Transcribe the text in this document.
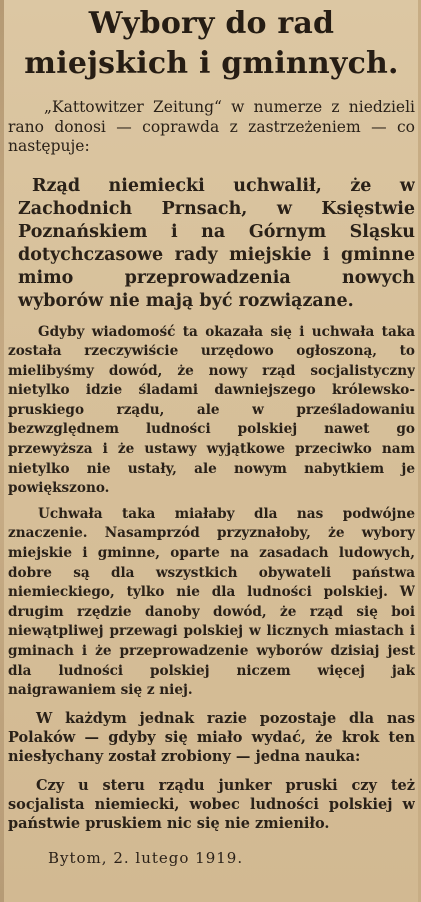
Wybory do rad miejskich i gminnych.

„Kattowitzer Zeitung“ w numerze z niedzieli rano donosi — coprawda z zastrzeżeniem — co następuje:

Rząd niemiecki uchwalił, że w Zachodnich Prnsach, w Księstwie Poznańskiem i na Górnym Sląsku dotychczasowe rady miejskie i gminne mimo przeprowadzenia nowych wyborów nie mają być rozwiązane.

Gdyby wiadomość ta okazała się i uchwała taka została rzeczywiście urzędowo ogłoszoną, to mielibyśmy dowód, że nowy rząd socjalistyczny nietylko idzie śladami dawniejszego królewsko-pruskiego rządu, ale w prześladowaniu bezwzględnem ludności polskiej nawet go przewyższa i że ustawy wyjątkowe przeciwko nam nietylko nie ustały, ale nowym nabytkiem je powiększono.

Uchwała taka miałaby dla nas podwójne znaczenie. Nasamprzód przyznałoby, że wybory miejskie i gminne, oparte na zasadach ludowych, dobre są dla wszystkich obywateli państwa niemieckiego, tylko nie dla ludności polskiej. W drugim rzędzie danoby dowód, że rząd się boi niewątpliwej przewagi polskiej w licznych miastach i gminach i że przeprowadzenie wyborów dzisiaj jest dla ludności polskiej niczem więcej jak naigrawaniem się z niej.

W każdym jednak razie pozostaje dla nas Polaków — gdyby się miało wydać, że krok ten niesłychany został zrobiony — jedna nauka:

Czy u steru rządu junker pruski czy też socjalista niemiecki, wobec ludności polskiej w państwie pruskiem nic się nie zmieniło.

Bytom, 2. lutego 1919.
